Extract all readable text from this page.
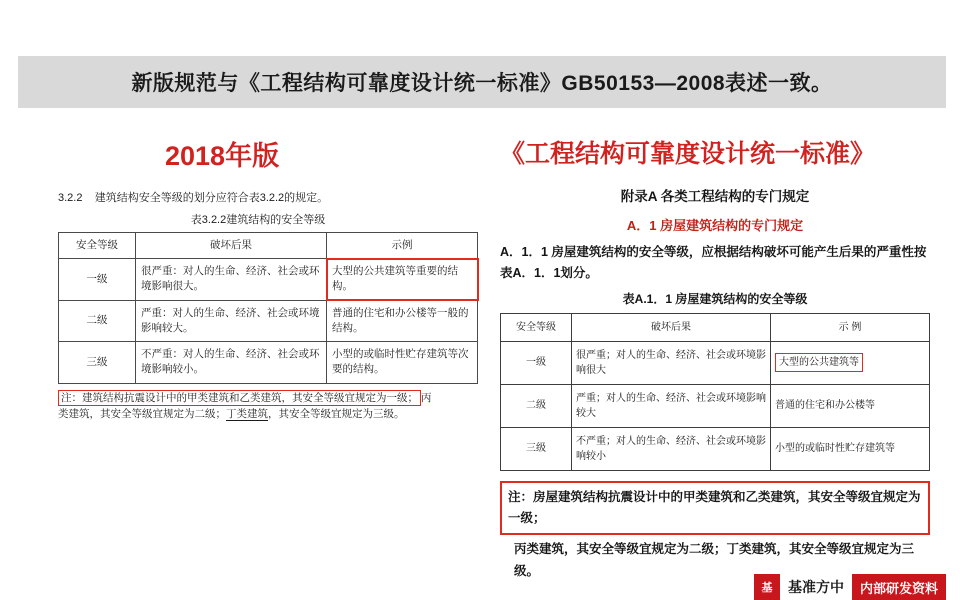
新版规范与《工程结构可靠度设计统一标准》GB50153—2008表述一致。
2018年版	《工程结构可靠度设计统一标准》
3.2.2 建筑结构安全等级的划分应符合表3.2.2的规定。
表3.2.2建筑结构的安全等级
安全等级	破坏后果	示例
一级	很严重：对人的生命、经济、社会或环境影响很大。	大型的公共建筑等重要的结构。
二级	严重：对人的生命、经济、社会或环境影响较大。	普通的住宅和办公楼等一般的结构。
三级	不严重：对人的生命、经济、社会或环境影响较小。	小型的或临时性贮存建筑等次要的结构。
注：建筑结构抗震设计中的甲类建筑和乙类建筑，其安全等级宜规定为一级； 丙
类建筑，其安全等级宜规定为二级；丁类建筑，其安全等级宜规定为三级。
附录A 各类工程结构的专门规定
A．1 房屋建筑结构的专门规定
A．1．1 房屋建筑结构的安全等级，应根据结构破坏可能产生后果的严重性按表A．1．1划分。
表A.1．1 房屋建筑结构的安全等级
安全等级	破坏后果	示 例
一级	很严重；对人的生命、经济、社会或环境影响很大	大型的公共建筑等
二级	严重；对人的生命、经济、社会或环境影响较大	普通的住宅和办公楼等
三级	不严重；对人的生命、经济、社会或环境影响较小	小型的或临时性贮存建筑等
注：房屋建筑结构抗震设计中的甲类建筑和乙类建筑，其安全等级宜规定为一级；
丙类建筑，其安全等级宜规定为二级；丁类建筑，其安全等级宜规定为三级。
基	基准方中	内部研发资料
